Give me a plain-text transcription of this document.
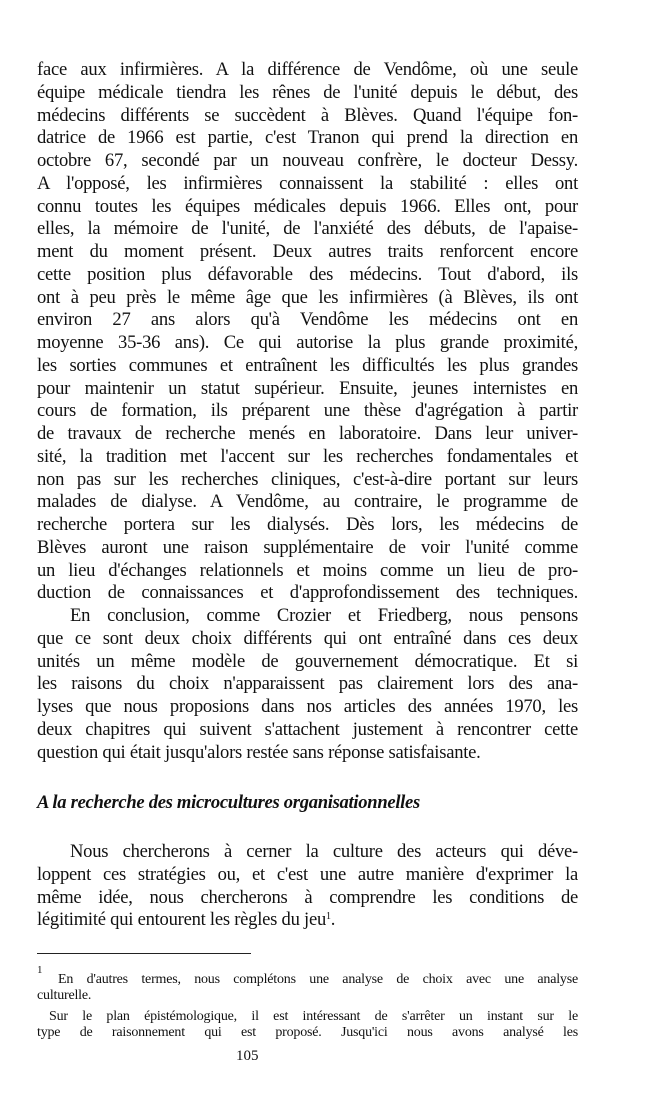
face aux infirmières. A la différence de Vendôme, où une seule
équipe médicale tiendra les rênes de l'unité depuis le début, des
médecins différents se succèdent à Blèves. Quand l'équipe fon-
datrice de 1966 est partie, c'est Tranon qui prend la direction en
octobre 67, secondé par un nouveau confrère, le docteur Dessy.
A l'opposé, les infirmières connaissent la stabilité : elles ont
connu toutes les équipes médicales depuis 1966. Elles ont, pour
elles, la mémoire de l'unité, de l'anxiété des débuts, de l'apaise-
ment du moment présent. Deux autres traits renforcent encore
cette position plus défavorable des médecins. Tout d'abord, ils
ont à peu près le même âge que les infirmières (à Blèves, ils ont
environ 27 ans alors qu'à Vendôme les médecins ont en
moyenne 35-36 ans). Ce qui autorise la plus grande proximité,
les sorties communes et entraînent les difficultés les plus grandes
pour maintenir un statut supérieur. Ensuite, jeunes internistes en
cours de formation, ils préparent une thèse d'agrégation à partir
de travaux de recherche menés en laboratoire. Dans leur univer-
sité, la tradition met l'accent sur les recherches fondamentales et
non pas sur les recherches cliniques, c'est-à-dire portant sur leurs
malades de dialyse. A Vendôme, au contraire, le programme de
recherche portera sur les dialysés. Dès lors, les médecins de
Blèves auront une raison supplémentaire de voir l'unité comme
un lieu d'échanges relationnels et moins comme un lieu de pro-
duction de connaissances et d'approfondissement des techniques.
En conclusion, comme Crozier et Friedberg, nous pensons
que ce sont deux choix différents qui ont entraîné dans ces deux
unités un même modèle de gouvernement démocratique. Et si
les raisons du choix n'apparaissent pas clairement lors des ana-
lyses que nous proposions dans nos articles des années 1970, les
deux chapitres qui suivent s'attachent justement à rencontrer cette
question qui était jusqu'alors restée sans réponse satisfaisante.
Nous chercherons à cerner la culture des acteurs qui déve-
loppent ces stratégies ou, et c'est une autre manière d'exprimer la
même idée, nous chercherons à comprendre les conditions de
légitimité qui entourent les règles du jeu$^1$.
En d'autres termes, nous complétons une analyse de choix avec une analyse
culturelle.
Sur le plan épistémologique, il est intéressant de s'arrêter un instant sur le
type de raisonnement qui est proposé. Jusqu'ici nous avons analysé les
A la recherche des microcultures organisationnelles
1
105
